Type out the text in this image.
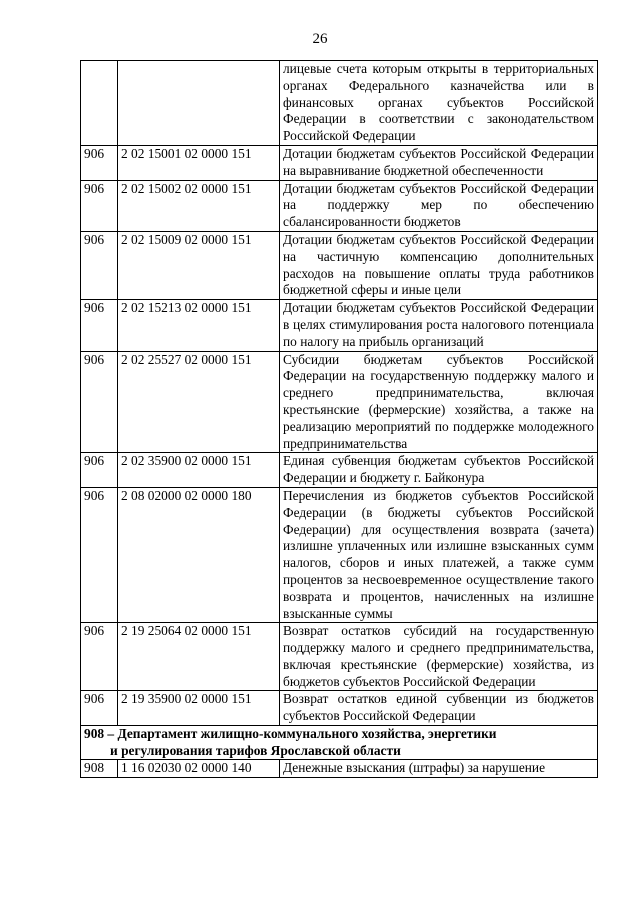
26
		лицевые счета которым открыты в территориальных органах Федерального казначейства или в финансовых органах субъектов Российской Федерации в соответствии с законодательством Российской Федерации
906	2 02 15001 02 0000 151	Дотации бюджетам субъектов Российской Федерации на выравнивание бюджетной обеспеченности
906	2 02 15002 02 0000 151	Дотации бюджетам субъектов Российской Федерации на поддержку мер по обеспечению сбалансированности бюджетов
906	2 02 15009 02 0000 151	Дотации бюджетам субъектов Российской Федерации на частичную компенсацию дополнительных расходов на повышение оплаты труда работников бюджетной сферы и иные цели
906	2 02 15213 02 0000 151	Дотации бюджетам субъектов Российской Федерации в целях стимулирования роста налогового потенциала по налогу на прибыль организаций
906	2 02 25527 02 0000 151	Субсидии бюджетам субъектов Российской Федерации на государственную поддержку малого и среднего предпринимательства, включая крестьянские (фермерские) хозяйства, а также на реализацию мероприятий по поддержке молодежного предпринимательства
906	2 02 35900 02 0000 151	Единая субвенция бюджетам субъектов Российской Федерации и бюджету г. Байконура
906	2 08 02000 02 0000 180	Перечисления из бюджетов субъектов Российской Федерации (в бюджеты субъектов Российской Федерации) для осуществления возврата (зачета) излишне уплаченных или излишне взысканных сумм налогов, сборов и иных платежей, а также сумм процентов за несвоевременное осуществление такого возврата и процентов, начисленных на излишне взысканные суммы
906	2 19 25064 02 0000 151	Возврат остатков субсидий на государственную поддержку малого и среднего предпринимательства, включая крестьянские (фермерские) хозяйства, из бюджетов субъектов Российской Федерации
906	2 19 35900 02 0000 151	Возврат остатков единой субвенции из бюджетов субъектов Российской Федерации

908 – Департамент жилищно-коммунального хозяйства, энергетики
и регулирования тарифов Ярославской области		

908	1 16 02030 02 0000 140	Денежные взыскания (штрафы) за нарушение
